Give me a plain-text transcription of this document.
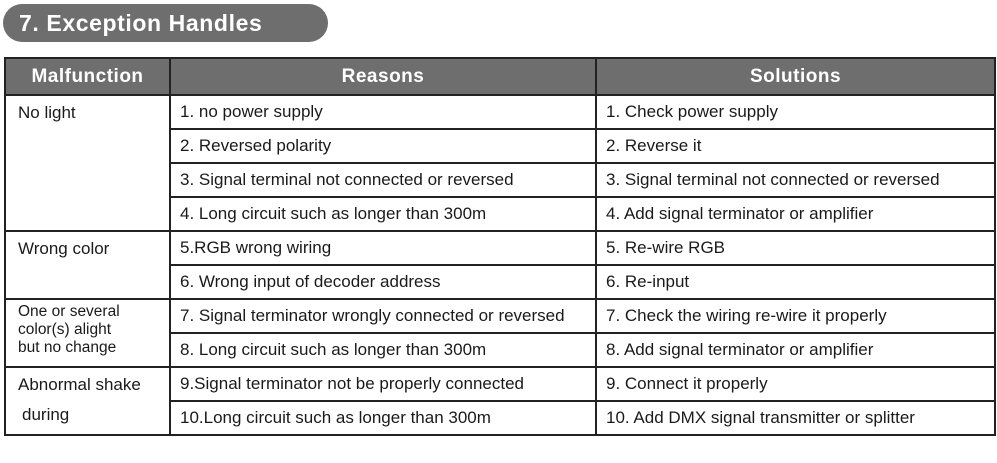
7. Exception Handles
Malfunction	Reasons	Solutions
No light	1. no power supply	1. Check power supply
	2. Reversed polarity	2. Reverse it
	3. Signal terminal not connected or reversed	3. Signal terminal not connected or reversed
	4. Long circuit such as longer than 300m	4. Add signal terminator or amplifier
Wrong color	5.RGB wrong wiring	5. Re-wire RGB
	6. Wrong input of decoder address	6. Re-input

One or several
color(s) alight
but no change	7. Signal terminator wrongly connected or reversed	7. Check the wiring re-wire it properly
	8. Long circuit such as longer than 300m	8. Add signal terminator or amplifier
Abnormal shake
during	9.Signal terminator not be properly connected	9. Connect it properly
	10.Long circuit such as longer than 300m	10. Add DMX signal transmitter or splitter
